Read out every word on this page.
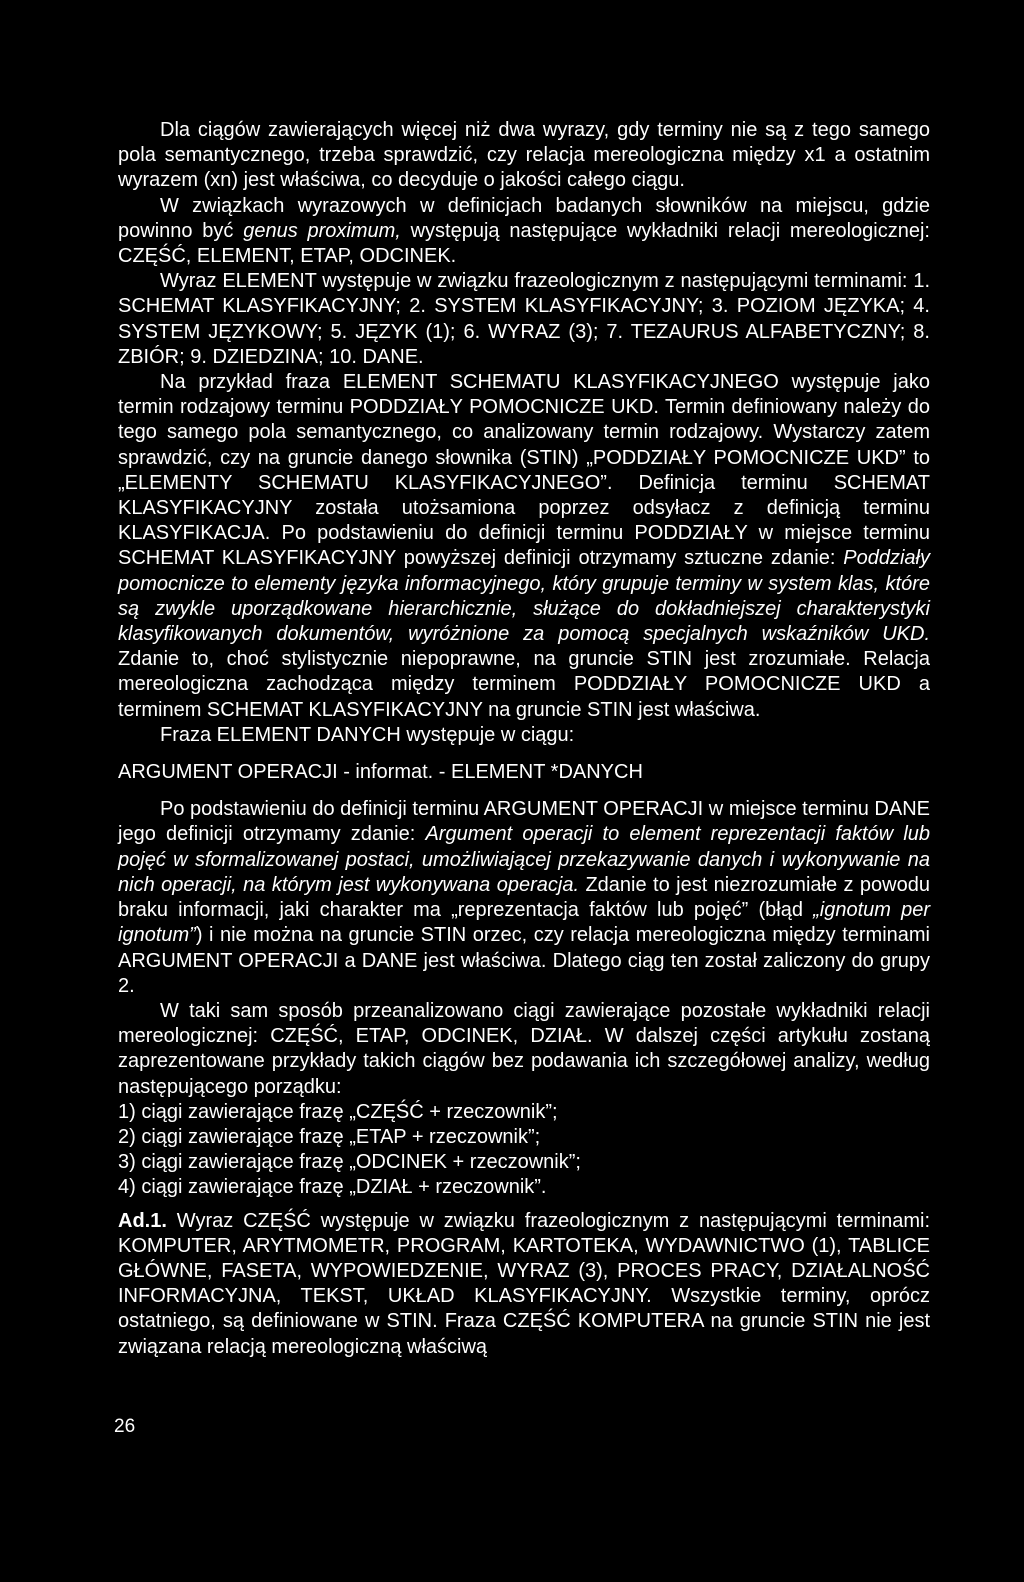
Dla ciągów zawierających więcej niż dwa wyrazy, gdy terminy nie są z tego samego pola semantycznego, trzeba sprawdzić, czy relacja mereologiczna między x1 a ostatnim wyrazem (xn) jest właściwa, co decyduje o jakości całego ciągu.

W związkach wyrazowych w definicjach badanych słowników na miejscu, gdzie powinno być genus proximum, występują następujące wykładniki relacji mereologicznej: CZĘŚĆ, ELEMENT, ETAP, ODCINEK.

Wyraz ELEMENT występuje w związku frazeologicznym z następującymi terminami: 1. SCHEMAT KLASYFIKACYJNY; 2. SYSTEM KLASYFIKACYJNY; 3. POZIOM JĘZYKA; 4. SYSTEM JĘZYKOWY; 5. JĘZYK (1); 6. WYRAZ (3); 7. TEZAURUS ALFABETYCZNY; 8. ZBIÓR; 9. DZIEDZINA; 10. DANE.

Na przykład fraza ELEMENT SCHEMATU KLASYFIKACYJNEGO występuje jako termin rodzajowy terminu PODDZIAŁY POMOCNICZE UKD. Termin definiowany należy do tego samego pola semantycznego, co analizowany termin rodzajowy. Wystarczy zatem sprawdzić, czy na gruncie danego słownika (STIN) „PODDZIAŁY POMOCNICZE UKD” to „ELEMENTY SCHEMATU KLASYFIKACYJNEGO”. Definicja terminu SCHEMAT KLASYFIKACYJNY została utożsamiona poprzez odsyłacz z definicją terminu KLASYFIKACJA. Po podstawieniu do definicji terminu PODDZIAŁY w miejsce terminu SCHEMAT KLASYFIKACYJNY powyższej definicji otrzymamy sztuczne zdanie: Poddziały pomocnicze to elementy języka informacyjnego, który grupuje terminy w system klas, które są zwykle uporządkowane hierarchicznie, służące do dokładniejszej charakterystyki klasyfikowanych dokumentów, wyróżnione za pomocą specjalnych wskaźników UKD. Zdanie to, choć stylistycznie niepoprawne, na gruncie STIN jest zrozumiałe. Relacja mereologiczna zachodząca między terminem PODDZIAŁY POMOCNICZE UKD a terminem SCHEMAT KLASYFIKACYJNY na gruncie STIN jest właściwa.

Fraza ELEMENT DANYCH występuje w ciągu:

ARGUMENT OPERACJI - informat. - ELEMENT *DANYCH

Po podstawieniu do definicji terminu ARGUMENT OPERACJI w miejsce terminu DANE jego definicji otrzymamy zdanie: Argument operacji to element reprezentacji faktów lub pojęć w sformalizowanej postaci, umożliwiającej przekazywanie danych i wykonywanie na nich operacji, na którym jest wykonywana operacja. Zdanie to jest niezrozumiałe z powodu braku informacji, jaki charakter ma „reprezentacja faktów lub pojęć” (błąd „ignotum per ignotum”) i nie można na gruncie STIN orzec, czy relacja mereologiczna między terminami ARGUMENT OPERACJI a DANE jest właściwa. Dlatego ciąg ten został zaliczony do grupy 2.

W taki sam sposób przeanalizowano ciągi zawierające pozostałe wykładniki relacji mereologicznej: CZĘŚĆ, ETAP, ODCINEK, DZIAŁ. W dalszej części artykułu zostaną zaprezentowane przykłady takich ciągów bez podawania ich szczegółowej analizy, według następującego porządku:

1) ciągi zawierające frazę „CZĘŚĆ + rzeczownik”;

2) ciągi zawierające frazę „ETAP + rzeczownik”;

3) ciągi zawierające frazę „ODCINEK + rzeczownik”;

4) ciągi zawierające frazę „DZIAŁ + rzeczownik”.

Ad.1. Wyraz CZĘŚĆ występuje w związku frazeologicznym z następującymi terminami: KOMPUTER, ARYTMOMETR, PROGRAM, KARTOTEKA, WYDAWNICTWO (1), TABLICE GŁÓWNE, FASETA, WYPOWIEDZENIE, WYRAZ (3), PROCES PRACY, DZIAŁALNOŚĆ INFORMACYJNA, TEKST, UKŁAD KLASYFIKACYJNY. Wszystkie terminy, oprócz ostatniego, są definiowane w STIN. Fraza CZĘŚĆ KOMPUTERA na gruncie STIN nie jest związana relacją mereologiczną właściwą

26
